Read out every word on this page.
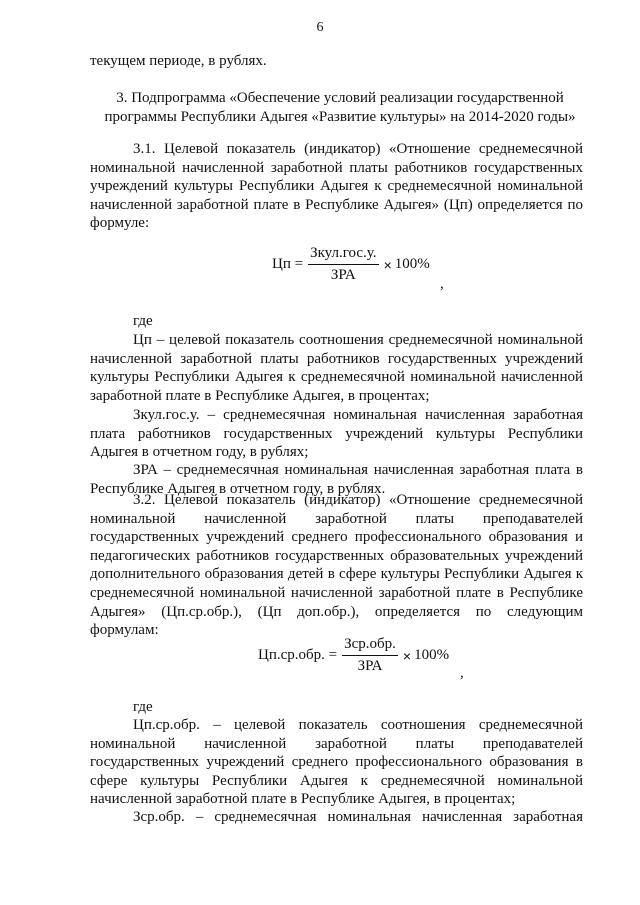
6
текущем периоде, в рублях.
3. Подпрограмма «Обеспечение условий реализации государственной программы Республики Адыгея «Развитие культуры» на 2014-2020 годы»
3.1. Целевой показатель (индикатор) «Отношение среднемесячной номинальной начисленной заработной платы работников государственных учреждений культуры Республики Адыгея к среднемесячной номинальной начисленной заработной плате в Республике Адыгея» (Цп) определяется по формуле:
Цп = $\frac{\text{Зкул.гос.у.}}{\text{ЗРА}} \times 100\%$
,
где
Цп – целевой показатель соотношения среднемесячной номинальной начисленной заработной платы работников государственных учреждений культуры Республики Адыгея к среднемесячной номинальной начисленной заработной плате в Республике Адыгея, в процентах;
Зкул.гос.у. – среднемесячная номинальная начисленная заработная плата работников государственных учреждений культуры Республики Адыгея в отчетном году, в рублях;
ЗРА – среднемесячная номинальная начисленная заработная плата в Республике Адыгея в отчетном году, в рублях.
3.2. Целевой показатель (индикатор) «Отношение среднемесячной номинальной начисленной заработной платы преподавателей государственных учреждений среднего профессионального образования и педагогических работников государственных образовательных учреждений дополнительного образования детей в сфере культуры Республики Адыгея к среднемесячной номинальной начисленной заработной плате в Республике Адыгея» (Цп.ср.обр.), (Цп доп.обр.), определяется по следующим формулам:
Цп.ср.обр. = $\frac{\text{Зср.обр.}}{\text{ЗРА}} \times 100\%$
,
где
Цп.ср.обр. – целевой показатель соотношения среднемесячной номинальной начисленной заработной платы преподавателей государственных учреждений среднего профессионального образования в сфере культуры Республики Адыгея к среднемесячной номинальной начисленной заработной плате в Республике Адыгея, в процентах;
Зср.обр. – среднемесячная номинальная начисленная заработная
